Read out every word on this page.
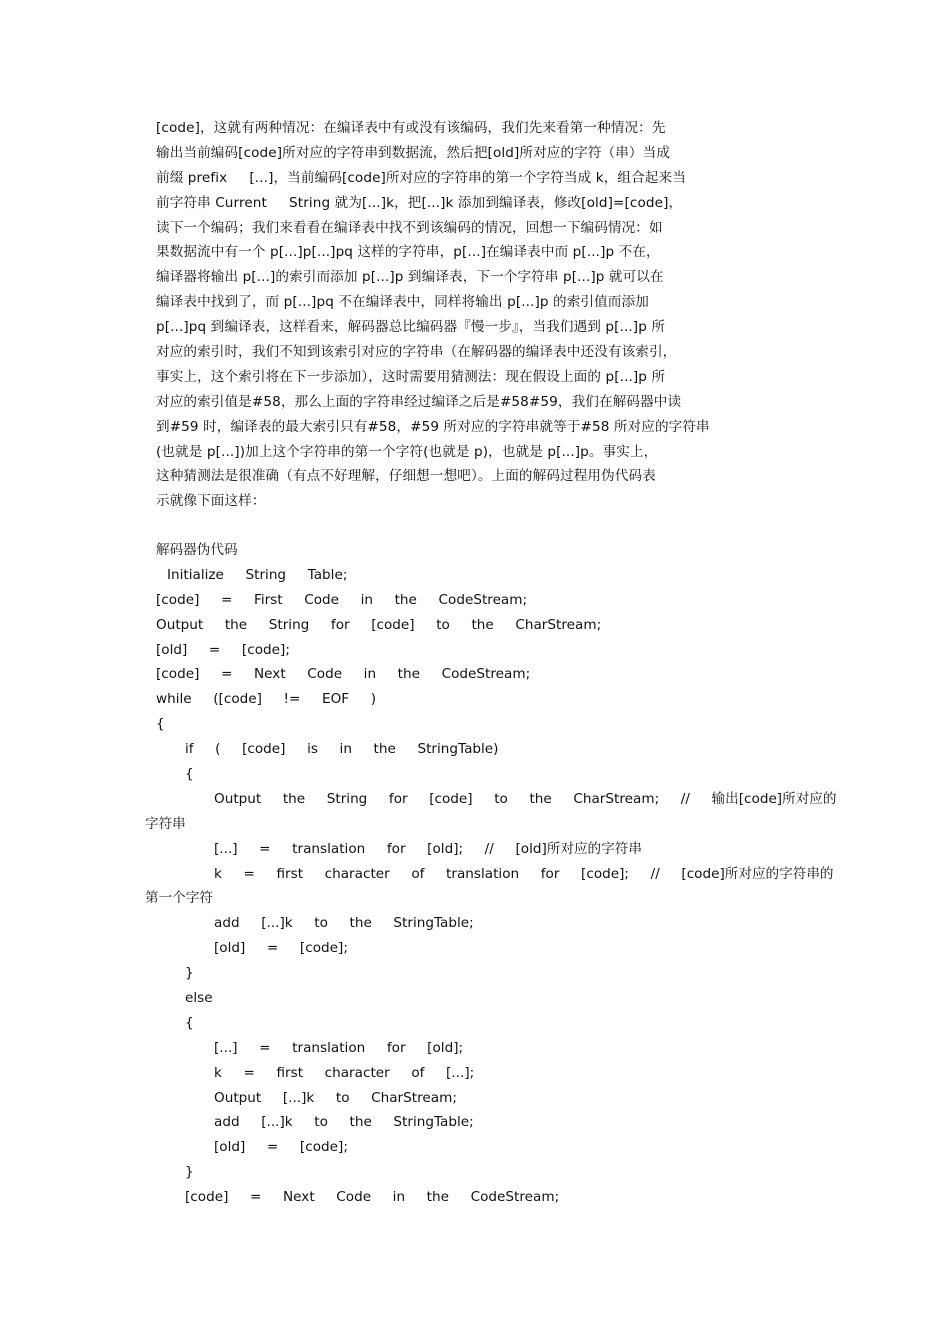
[code]，这就有两种情况：在编译表中有或没有该编码，我们先来看第一种情况：先
输出当前编码[code]所对应的字符串到数据流，然后把[old]所对应的字符（串）当成
前缀 prefix     [...]，当前编码[code]所对应的字符串的第一个字符当成 k，组合起来当
前字符串 Current     String 就为[...]k，把[...]k 添加到编译表，修改[old]=[code]，
读下一个编码；我们来看看在编译表中找不到该编码的情况，回想一下编码情况：如
果数据流中有一个 p[...]p[...]pq 这样的字符串，p[...]在编译表中而 p[...]p 不在，
编译器将输出 p[...]的索引而添加 p[...]p 到编译表，下一个字符串 p[...]p 就可以在
编译表中找到了，而 p[...]pq 不在编译表中，同样将输出 p[...]p 的索引值而添加
p[...]pq 到编译表，这样看来，解码器总比编码器『慢一步』，当我们遇到 p[...]p 所
对应的索引时，我们不知到该索引对应的字符串（在解码器的编译表中还没有该索引，
事实上，这个索引将在下一步添加），这时需要用猜测法：现在假设上面的 p[...]p 所
对应的索引值是#58，那么上面的字符串经过编译之后是#58#59，我们在解码器中读
到#59 时，编译表的最大索引只有#58，#59 所对应的字符串就等于#58 所对应的字符串
(也就是 p[...])加上这个字符串的第一个字符(也就是 p)，也就是 p[...]p。事实上，
这种猜测法是很准确（有点不好理解，仔细想一想吧）。上面的解码过程用伪代码表
示就像下面这样：
解码器伪代码
Initialize     String     Table;
[code]     =     First     Code     in     the     CodeStream;
Output     the     String     for     [code]     to     the     CharStream;
[old]     =     [code];
[code]     =     Next     Code     in     the     CodeStream;
while     ([code]     !=     EOF     )
{
if     (     [code]     is     in     the     StringTable)
{
Output     the     String     for     [code]     to     the     CharStream;     //     输出[code]所对应的
字符串
[...]     =     translation     for     [old];     //     [old]所对应的字符串
k     =     first     character     of     translation     for     [code];     //     [code]所对应的字符串的
第一个字符
add     [...]k     to     the     StringTable;
[old]     =     [code];
}
else
{
[...]     =     translation     for     [old];
k     =     first     character     of     [...];
Output     [...]k     to     CharStream;
add     [...]k     to     the     StringTable;
[old]     =     [code];
}
[code]     =     Next     Code     in     the     CodeStream;
